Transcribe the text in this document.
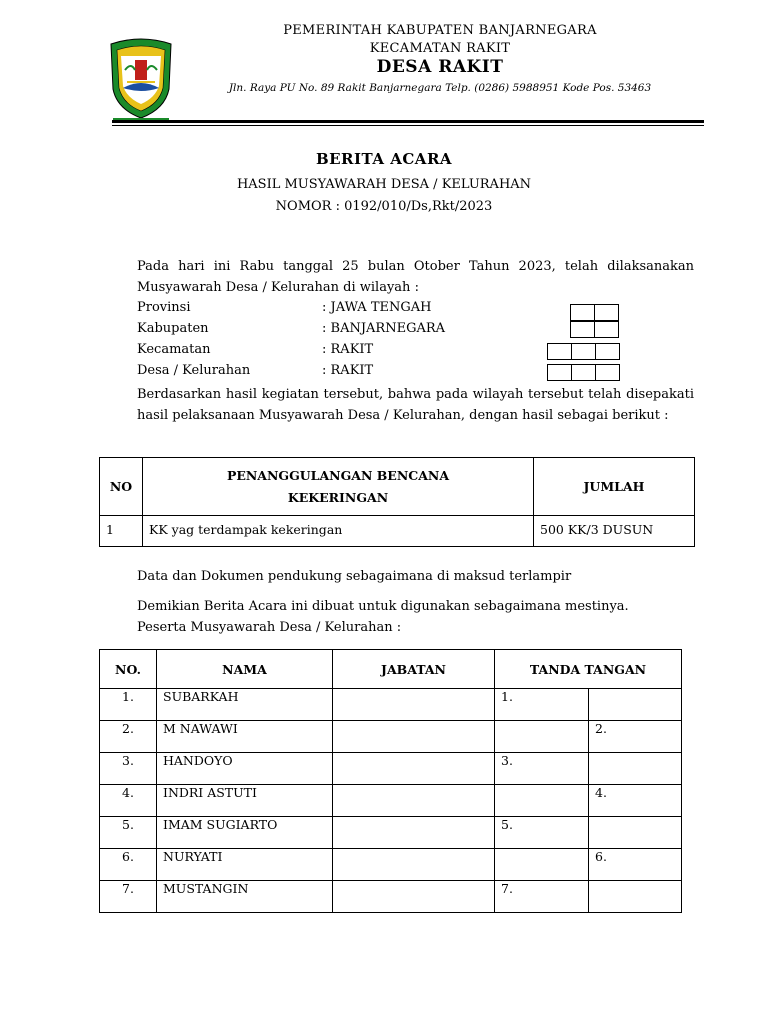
PEMERINTAH KABUPATEN BANJARNEGARA
KECAMATAN RAKIT
DESA RAKIT
Jln. Raya PU No. 89 Rakit Banjarnegara Telp. (0286) 5988951 Kode Pos. 53463
BERITA ACARA
HASIL MUSYAWARAH DESA / KELURAHAN
NOMOR : 0192/010/Ds,Rkt/2023
Pada hari ini Rabu tanggal 25 bulan Otober Tahun 2023, telah dilaksanakan Musyawarah Desa / Kelurahan di wilayah :
Provinsi	: JAWA TENGAH
Kabupaten	: BANJARNEGARA
Kecamatan	: RAKIT
Desa / Kelurahan	: RAKIT
Berdasarkan hasil kegiatan tersebut, bahwa pada wilayah tersebut telah disepakati hasil pelaksanaan Musyawarah Desa / Kelurahan, dengan hasil sebagai berikut :
NO	PENANGGULANGAN BENCANA KEKERINGAN	JUMLAH
1	KK yag terdampak kekeringan	500 KK/3 DUSUN
Data dan Dokumen pendukung sebagaimana di maksud terlampir
Demikian Berita Acara ini dibuat untuk digunakan sebagaimana mestinya.
Peserta Musyawarah Desa / Kelurahan :
NO.	NAMA	JABATAN	TANDA TANGAN	
1.	SUBARKAH		1.	
2.	M NAWAWI			2.
3.	HANDOYO		3.	
4.	INDRI ASTUTI			4.
5.	IMAM SUGIARTO		5.	
6.	NURYATI			6.
7.	MUSTANGIN		7.	
